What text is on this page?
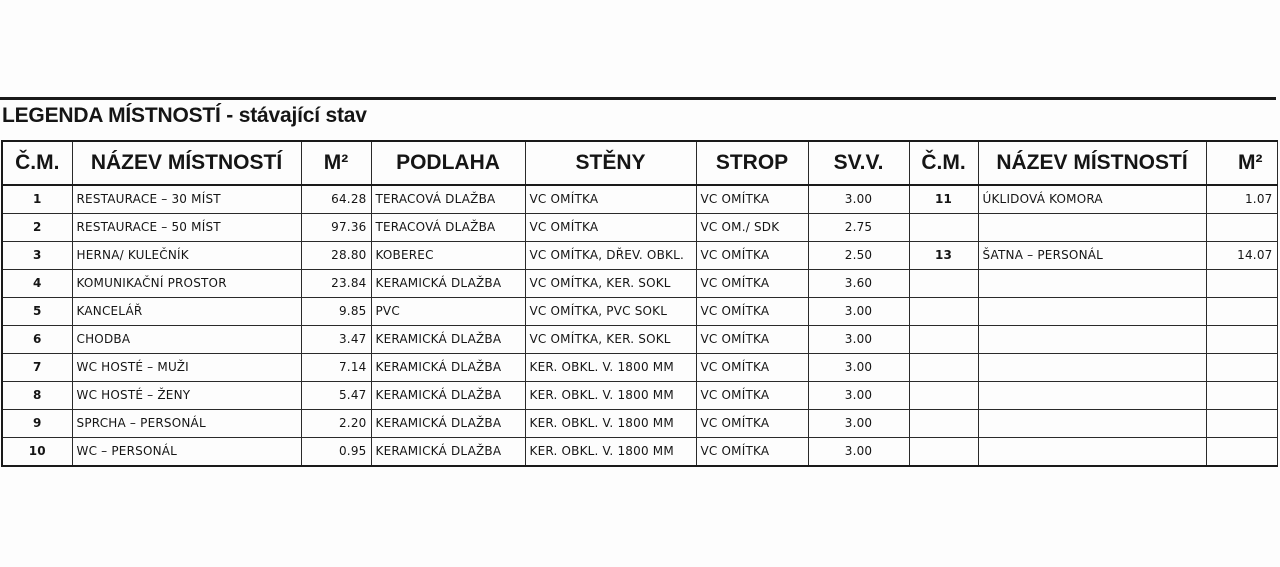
LEGENDA MÍSTNOSTÍ - stávající stav
Č.M.	NÁZEV MÍSTNOSTÍ	M²	PODLAHA	STĚNY	STROP	SV.V.	Č.M.	NÁZEV MÍSTNOSTÍ	M²
1	RESTAURACE – 30 MÍST	64.28	TERACOVÁ DLAŽBA	VC OMÍTKA	VC OMÍTKA	3.00	11	ÚKLIDOVÁ KOMORA	1.07
2	RESTAURACE – 50 MÍST	97.36	TERACOVÁ DLAŽBA	VC OMÍTKA	VC OM./ SDK	2.75			
3	HERNA/ KULEČNÍK	28.80	KOBEREC	VC OMÍTKA, DŘEV. OBKL.	VC OMÍTKA	2.50	13	ŠATNA – PERSONÁL	14.07
4	KOMUNIKAČNÍ PROSTOR	23.84	KERAMICKÁ DLAŽBA	VC OMÍTKA, KER. SOKL	VC OMÍTKA	3.60			
5	KANCELÁŘ	9.85	PVC	VC OMÍTKA, PVC SOKL	VC OMÍTKA	3.00			
6	CHODBA	3.47	KERAMICKÁ DLAŽBA	VC OMÍTKA, KER. SOKL	VC OMÍTKA	3.00			
7	WC HOSTÉ – MUŽI	7.14	KERAMICKÁ DLAŽBA	KER. OBKL. V. 1800 MM	VC OMÍTKA	3.00			
8	WC HOSTÉ – ŽENY	5.47	KERAMICKÁ DLAŽBA	KER. OBKL. V. 1800 MM	VC OMÍTKA	3.00			
9	SPRCHA – PERSONÁL	2.20	KERAMICKÁ DLAŽBA	KER. OBKL. V. 1800 MM	VC OMÍTKA	3.00			
10	WC – PERSONÁL	0.95	KERAMICKÁ DLAŽBA	KER. OBKL. V. 1800 MM	VC OMÍTKA	3.00			
